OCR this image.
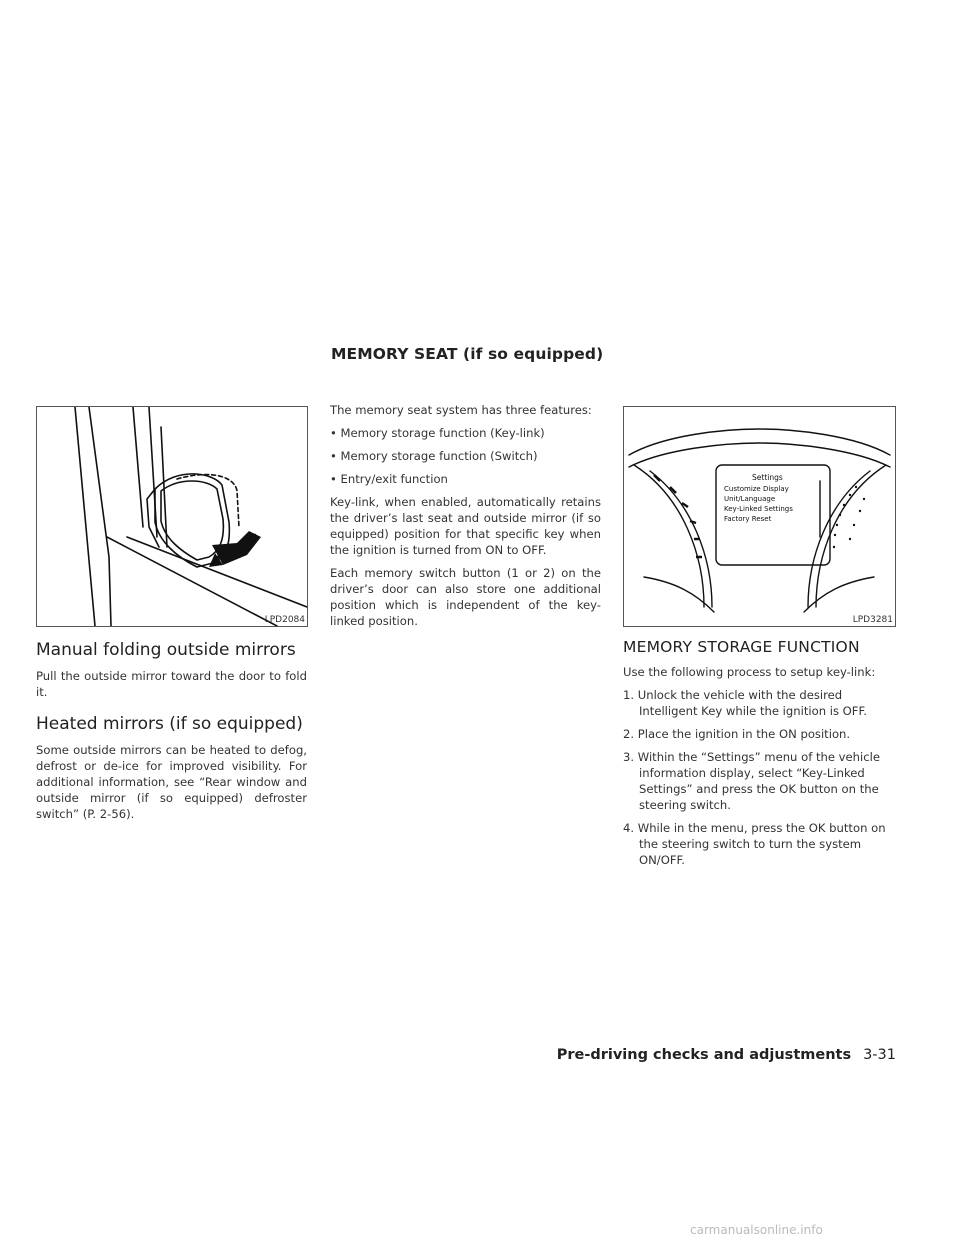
MEMORY SEAT (if so equipped)
LPD2084
Manual folding outside mirrors

Pull the outside mirror toward the door to fold it.

Heated mirrors (if so equipped)

Some outside mirrors can be heated to defog, defrost or de-ice for improved visibility. For additional information, see “Rear window and outside mirror (if so equipped) defroster switch” (P. 2-56).

The memory seat system has three features:

• Memory storage function (Key-link)
• Memory storage function (Switch)
• Entry/exit function

Key-link, when enabled, automatically retains the driver’s last seat and outside mirror (if so equipped) position for that specific key when the ignition is turned from ON to OFF.

Each memory switch button (1 or 2) on the driver’s door can also store one additional position which is independent of the key-linked position.

Settings
Customize Display
Unit/Language
Key-Linked Settings
Factory Reset
LPD3281
MEMORY STORAGE FUNCTION

Use the following process to setup key-link:

1. Unlock the vehicle with the desired Intelligent Key while the ignition is OFF.
2. Place the ignition in the ON position.
3. Within the “Settings” menu of the vehicle information display, select “Key-Linked Settings” and press the OK button on the steering switch.
4. While in the menu, press the OK button on the steering switch to turn the system ON/OFF.
Pre-driving checks and adjustments 3-31
carmanualsonline.info
